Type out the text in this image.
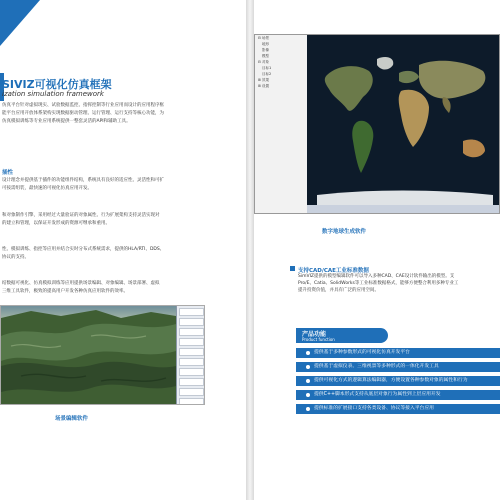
SIVIZ可视化仿真框架
ization simulation framework
仿真平台针对虚拟现实、试验数据监控、指挥控制等行业应用而设计的应用程序框
能平台应用开放体系架构实现数据驱动管理、运行管理、运行支持等核心功能，为
仿真模拟训练等专业应用系统提供一整套灵活的API和辅助工具。
插性
设计理念并提供基于插件的功能组件结构，系统具有良好的适应性、灵活性和可扩
可按需组装，最快速的可视化仿真应用开发。
和对象制作引擎，采用经过大量验证的对象属性、行为扩展架构支持灵活实现对
的建立和管理，以保证开发形成的资源可继承和重用。
性、模拟训练、指控等应用并结合实时分布式系统需求，提供的HLA/RTI、DDS、
协议的支持。
结数据可视化、仿真模拟训练等应用提供场景编辑、对象编辑、场景部署、虚拟
三维工具软件，极致的提高用户开发各种仿真应用软件的效率。
场景编辑软件
⊟ 场景
地形
影像
模型
⊟ 对象
目标1
目标2
⊞ 效果
⊞ 设置
数字地球生成软件
支持CAD/CAE工业标准数据
SimVIZ提供的模型编辑软件可以导入多种CAD、CAE设计软件输出的模型。支
Pro/E、Catia、SolidWorks等工业标准数据格式，能够方便整合利用多种专业工
提升投资价值，并具有广泛的应用空间。
产品功能
Product function
提供基于多种参数形式的可视化仿真开发平台
提供基于虚拟仪表、三维视景等多种形式的一体化开发工具
提供可视化方式的逻辑算法编辑器，方便设置各种参数对象的属性和行为
提供C++脚本形式支持从底层对象行为属性到上层应用开发
提供标准的扩展接口支持各类设备、协议等接入平台应用
